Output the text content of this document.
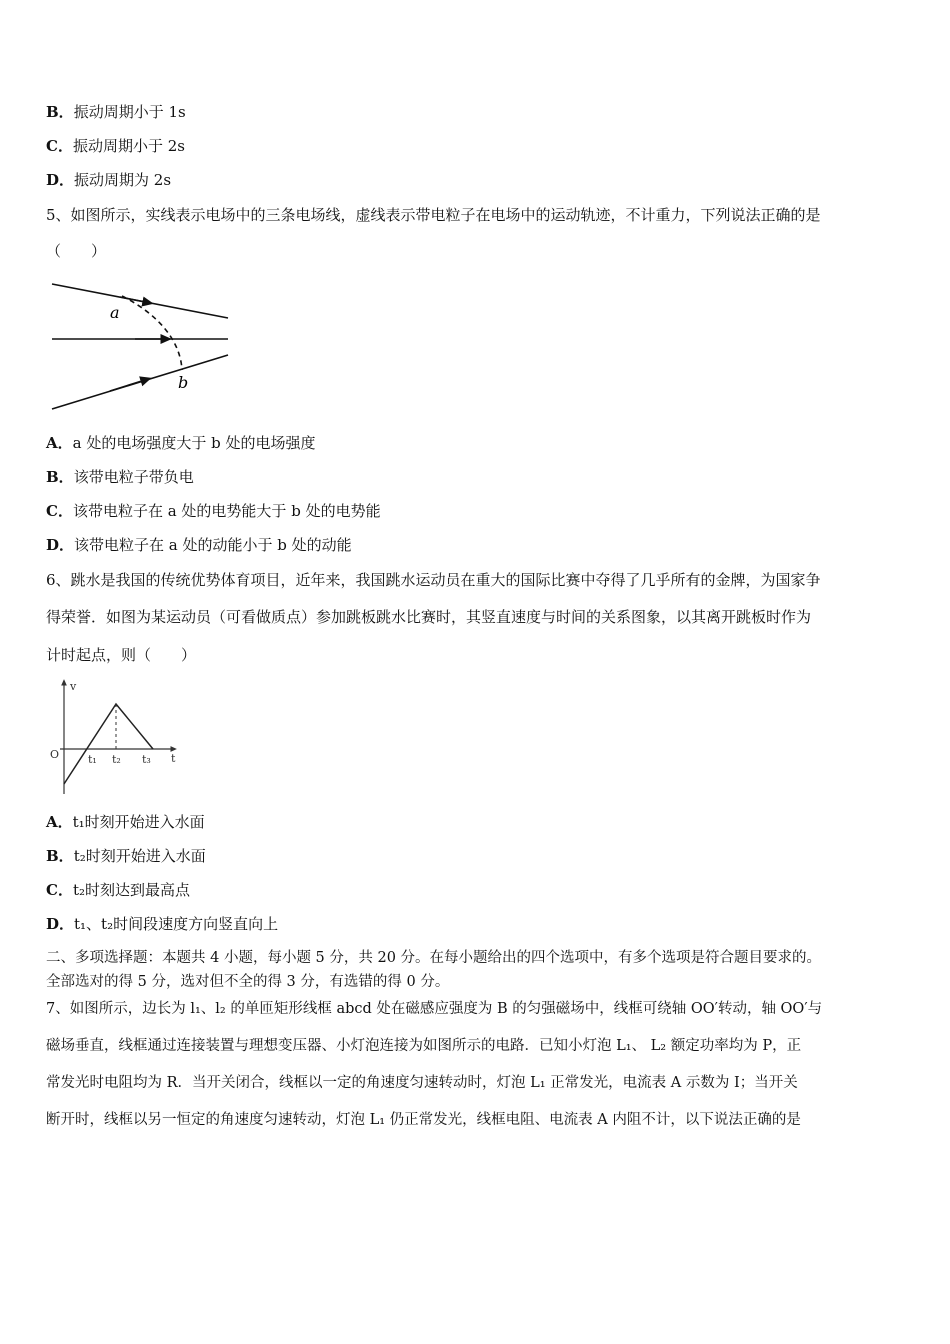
B．振动周期小于 1s
C．振动周期小于 2s
D．振动周期为 2s
5、如图所示，实线表示电场中的三条电场线，虚线表示带电粒子在电场中的运动轨迹，不计重力，下列说法正确的是
（　　）
a
b
A．a 处的电场强度大于 b 处的电场强度
B．该带电粒子带负电
C．该带电粒子在 a 处的电势能大于 b 处的电势能
D．该带电粒子在 a 处的动能小于 b 处的动能
6、跳水是我国的传统优势体育项目，近年来，我国跳水运动员在重大的国际比赛中夺得了几乎所有的金牌，为国家争
得荣誉．如图为某运动员（可看做质点）参加跳板跳水比赛时，其竖直速度与时间的关系图象，以其离开跳板时作为
计时起点，则（　　）
v
O	t
t₁ t₂ t₃
A．t₁时刻开始进入水面
B．t₂时刻开始进入水面
C．t₂时刻达到最高点
D．t₁、t₂时间段速度方向竖直向上
二、多项选择题：本题共 4 小题，每小题 5 分，共 20 分。在每小题给出的四个选项中，有多个选项是符合题目要求的。
全部选对的得 5 分，选对但不全的得 3 分，有选错的得 0 分。
7、如图所示，边长为 l₁、l₂ 的单匝矩形线框 abcd 处在磁感应强度为 B 的匀强磁场中，线框可绕轴 OO′转动，轴 OO′与
磁场垂直，线框通过连接装置与理想变压器、小灯泡连接为如图所示的电路．已知小灯泡 L₁、 L₂ 额定功率均为 P，正
常发光时电阻均为 R．当开关闭合，线框以一定的角速度匀速转动时，灯泡 L₁ 正常发光，电流表 A 示数为 I；当开关
断开时，线框以另一恒定的角速度匀速转动，灯泡 L₁ 仍正常发光，线框电阻、电流表 A 内阻不计，以下说法正确的是
